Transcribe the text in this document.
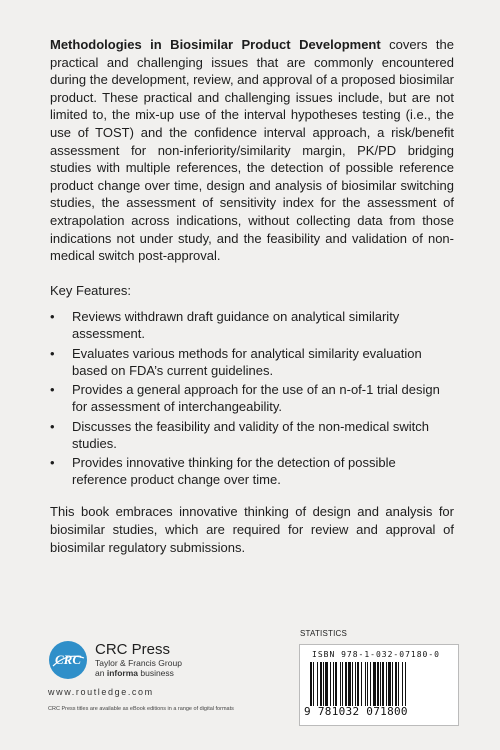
Methodologies in Biosimilar Product Development covers the practical and challenging issues that are commonly encountered during the development, review, and approval of a proposed biosimilar product. These practical and challenging issues include, but are not limited to, the mix-up use of the interval hypotheses testing (i.e., the use of TOST) and the confidence interval approach, a risk/benefit assessment for non-inferiority/similarity margin, PK/PD bridging studies with multiple references, the detection of possible reference product change over time, design and analysis of biosimilar switching studies, the assessment of sensitivity index for the assessment of extrapolation across indications, without collecting data from those indications not under study, and the feasibility and validation of non-medical switch post-approval.

Key Features:
• Reviews withdrawn draft guidance on analytical similarity assessment.
• Evaluates various methods for analytical similarity evaluation based on FDA’s current guidelines.
• Provides a general approach for the use of an n-of-1 trial design for assessment of interchangeability.
• Discusses the feasibility and validity of the non-medical switch studies.
• Provides innovative thinking for the detection of possible reference product change over time.

This book embraces innovative thinking of design and analysis for biosimilar studies, which are required for review and approval of biosimilar regulatory submissions.

CRC
CRC Press
Taylor & Francis Group
an informa business
www.routledge.com
CRC Press titles are available as eBook editions in a range of digital formats
STATISTICS
ISBN 978-1-032-07180-0
9 781032 071800
